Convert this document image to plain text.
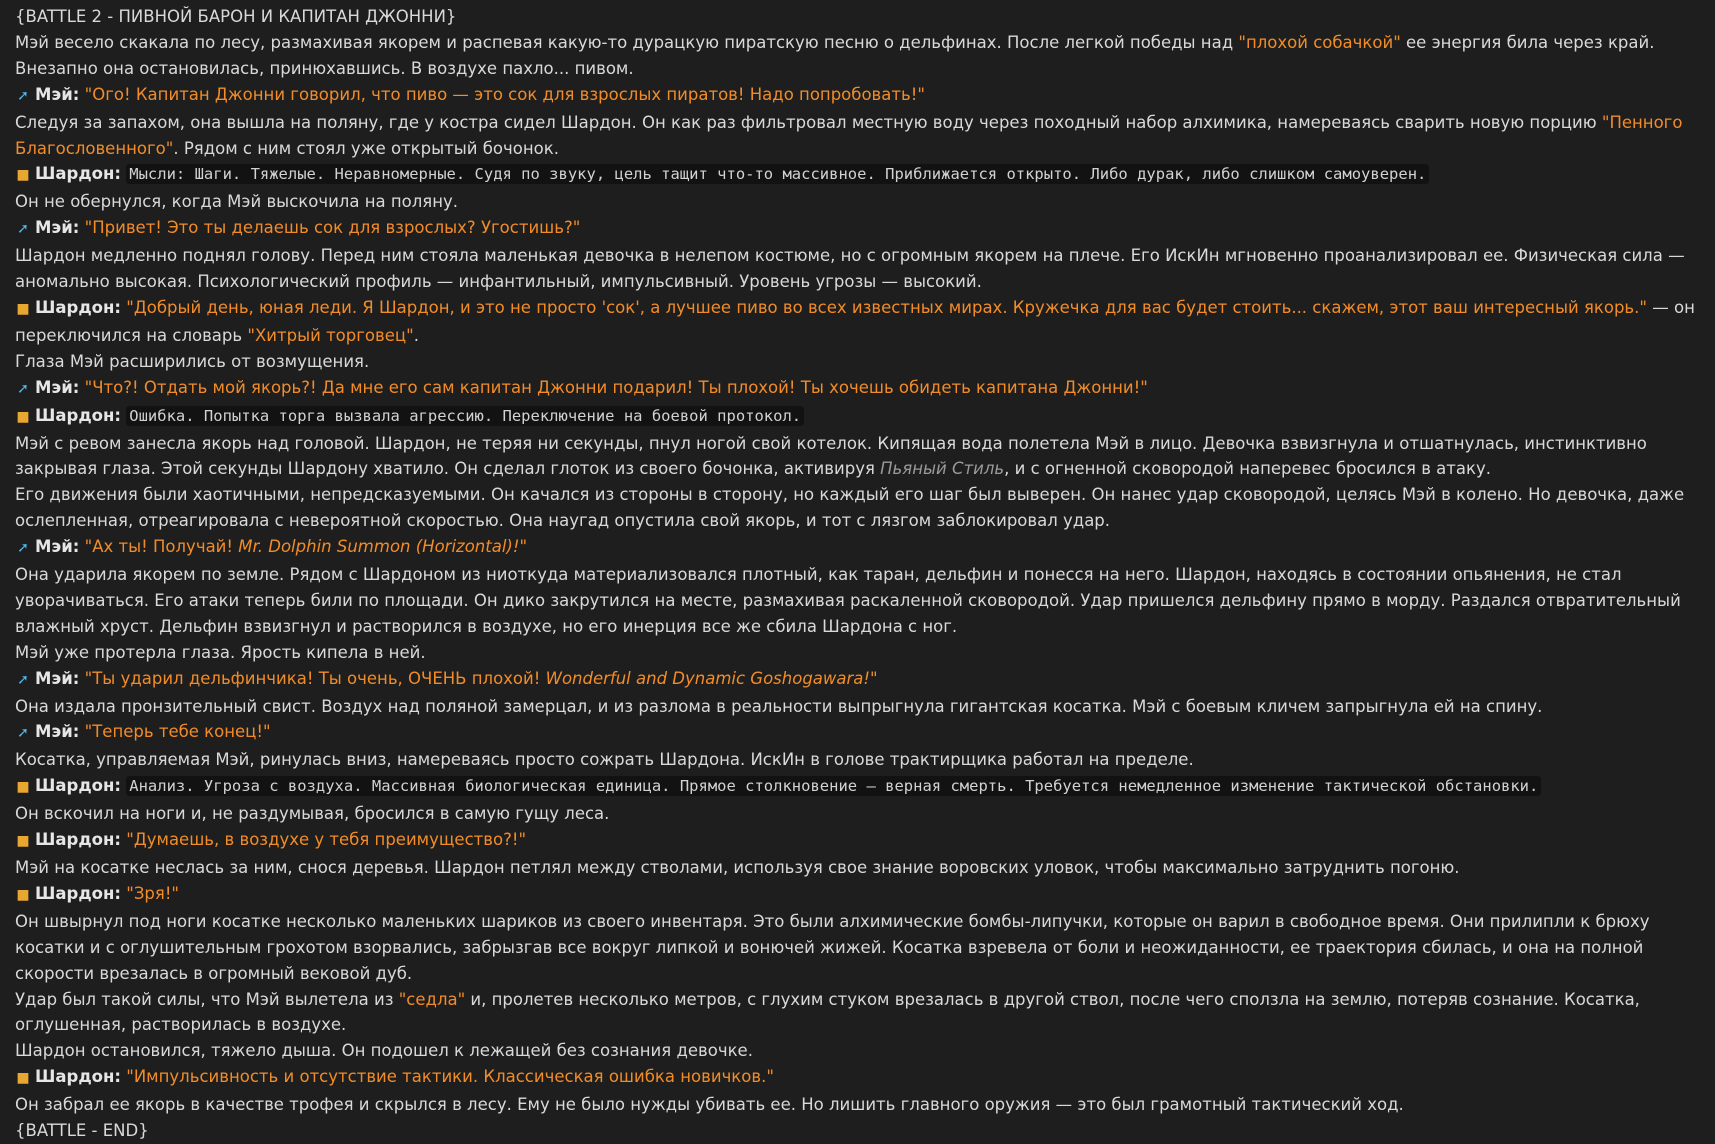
{BATTLE 2 - ПИВНОЙ БАРОН И КАПИТАН ДЖОННИ}

Мэй весело скакала по лесу, размахивая якорем и распевая какую-то дурацкую пиратскую песню о дельфинах. После легкой победы над "плохой собачкой" ее энергия била через край. Внезапно она остановилась, принюхавшись. В воздухе пахло... пивом.

➚ Мэй: "Ого! Капитан Джонни говорил, что пиво — это сок для взрослых пиратов! Надо попробовать!"

Следуя за запахом, она вышла на поляну, где у костра сидел Шардон. Он как раз фильтровал местную воду через походный набор алхимика, намереваясь сварить новую порцию "Пенного Благословенного". Рядом с ним стоял уже открытый бочонок.

■ Шардон: Мысли: Шаги. Тяжелые. Неравномерные. Судя по звуку, цель тащит что-то массивное. Приближается открыто. Либо дурак, либо слишком самоуверен.

Он не обернулся, когда Мэй выскочила на поляну.

➚ Мэй: "Привет! Это ты делаешь сок для взрослых? Угостишь?"

Шардон медленно поднял голову. Перед ним стояла маленькая девочка в нелепом костюме, но с огромным якорем на плече. Его ИскИн мгновенно проанализировал ее. Физическая сила — аномально высокая. Психологический профиль — инфантильный, импульсивный. Уровень угрозы — высокий.

■ Шардон: "Добрый день, юная леди. Я Шардон, и это не просто 'сок', а лучшее пиво во всех известных мирах. Кружечка для вас будет стоить... скажем, этот ваш интересный якорь." — он переключился на словарь "Хитрый торговец".

Глаза Мэй расширились от возмущения.

➚ Мэй: "Что?! Отдать мой якорь?! Да мне его сам капитан Джонни подарил! Ты плохой! Ты хочешь обидеть капитана Джонни!"

■ Шардон: Ошибка. Попытка торга вызвала агрессию. Переключение на боевой протокол.

Мэй с ревом занесла якорь над головой. Шардон, не теряя ни секунды, пнул ногой свой котелок. Кипящая вода полетела Мэй в лицо. Девочка взвизгнула и отшатнулась, инстинктивно закрывая глаза. Этой секунды Шардону хватило. Он сделал глоток из своего бочонка, активируя Пьяный Стиль, и с огненной сковородой наперевес бросился в атаку.

Его движения были хаотичными, непредсказуемыми. Он качался из стороны в сторону, но каждый его шаг был выверен. Он нанес удар сковородой, целясь Мэй в колено. Но девочка, даже ослепленная, отреагировала с невероятной скоростью. Она наугад опустила свой якорь, и тот с лязгом заблокировал удар.

➚ Мэй: "Ах ты! Получай! Mr. Dolphin Summon (Horizontal)!"

Она ударила якорем по земле. Рядом с Шардоном из ниоткуда материализовался плотный, как таран, дельфин и понесся на него. Шардон, находясь в состоянии опьянения, не стал уворачиваться. Его атаки теперь били по площади. Он дико закрутился на месте, размахивая раскаленной сковородой. Удар пришелся дельфину прямо в морду. Раздался отвратительный влажный хруст. Дельфин взвизгнул и растворился в воздухе, но его инерция все же сбила Шардона с ног.

Мэй уже протерла глаза. Ярость кипела в ней.

➚ Мэй: "Ты ударил дельфинчика! Ты очень, ОЧЕНЬ плохой! Wonderful and Dynamic Goshogawara!"

Она издала пронзительный свист. Воздух над поляной замерцал, и из разлома в реальности выпрыгнула гигантская косатка. Мэй с боевым кличем запрыгнула ей на спину.

➚ Мэй: "Теперь тебе конец!"

Косатка, управляемая Мэй, ринулась вниз, намереваясь просто сожрать Шардона. ИскИн в голове трактирщика работал на пределе.

■ Шардон: Анализ. Угроза с воздуха. Массивная биологическая единица. Прямое столкновение — верная смерть. Требуется немедленное изменение тактической обстановки.

Он вскочил на ноги и, не раздумывая, бросился в самую гущу леса.

■ Шардон: "Думаешь, в воздухе у тебя преимущество?!"

Мэй на косатке неслась за ним, снося деревья. Шардон петлял между стволами, используя свое знание воровских уловок, чтобы максимально затруднить погоню.

■ Шардон: "Зря!"

Он швырнул под ноги косатке несколько маленьких шариков из своего инвентаря. Это были алхимические бомбы-липучки, которые он варил в свободное время. Они прилипли к брюху косатки и с оглушительным грохотом взорвались, забрызгав все вокруг липкой и вонючей жижей. Косатка взревела от боли и неожиданности, ее траектория сбилась, и она на полной скорости врезалась в огромный вековой дуб.

Удар был такой силы, что Мэй вылетела из "седла" и, пролетев несколько метров, с глухим стуком врезалась в другой ствол, после чего сползла на землю, потеряв сознание. Косатка, оглушенная, растворилась в воздухе.

Шардон остановился, тяжело дыша. Он подошел к лежащей без сознания девочке.

■ Шардон: "Импульсивность и отсутствие тактики. Классическая ошибка новичков."

Он забрал ее якорь в качестве трофея и скрылся в лесу. Ему не было нужды убивать ее. Но лишить главного оружия — это был грамотный тактический ход.

{BATTLE - END}
